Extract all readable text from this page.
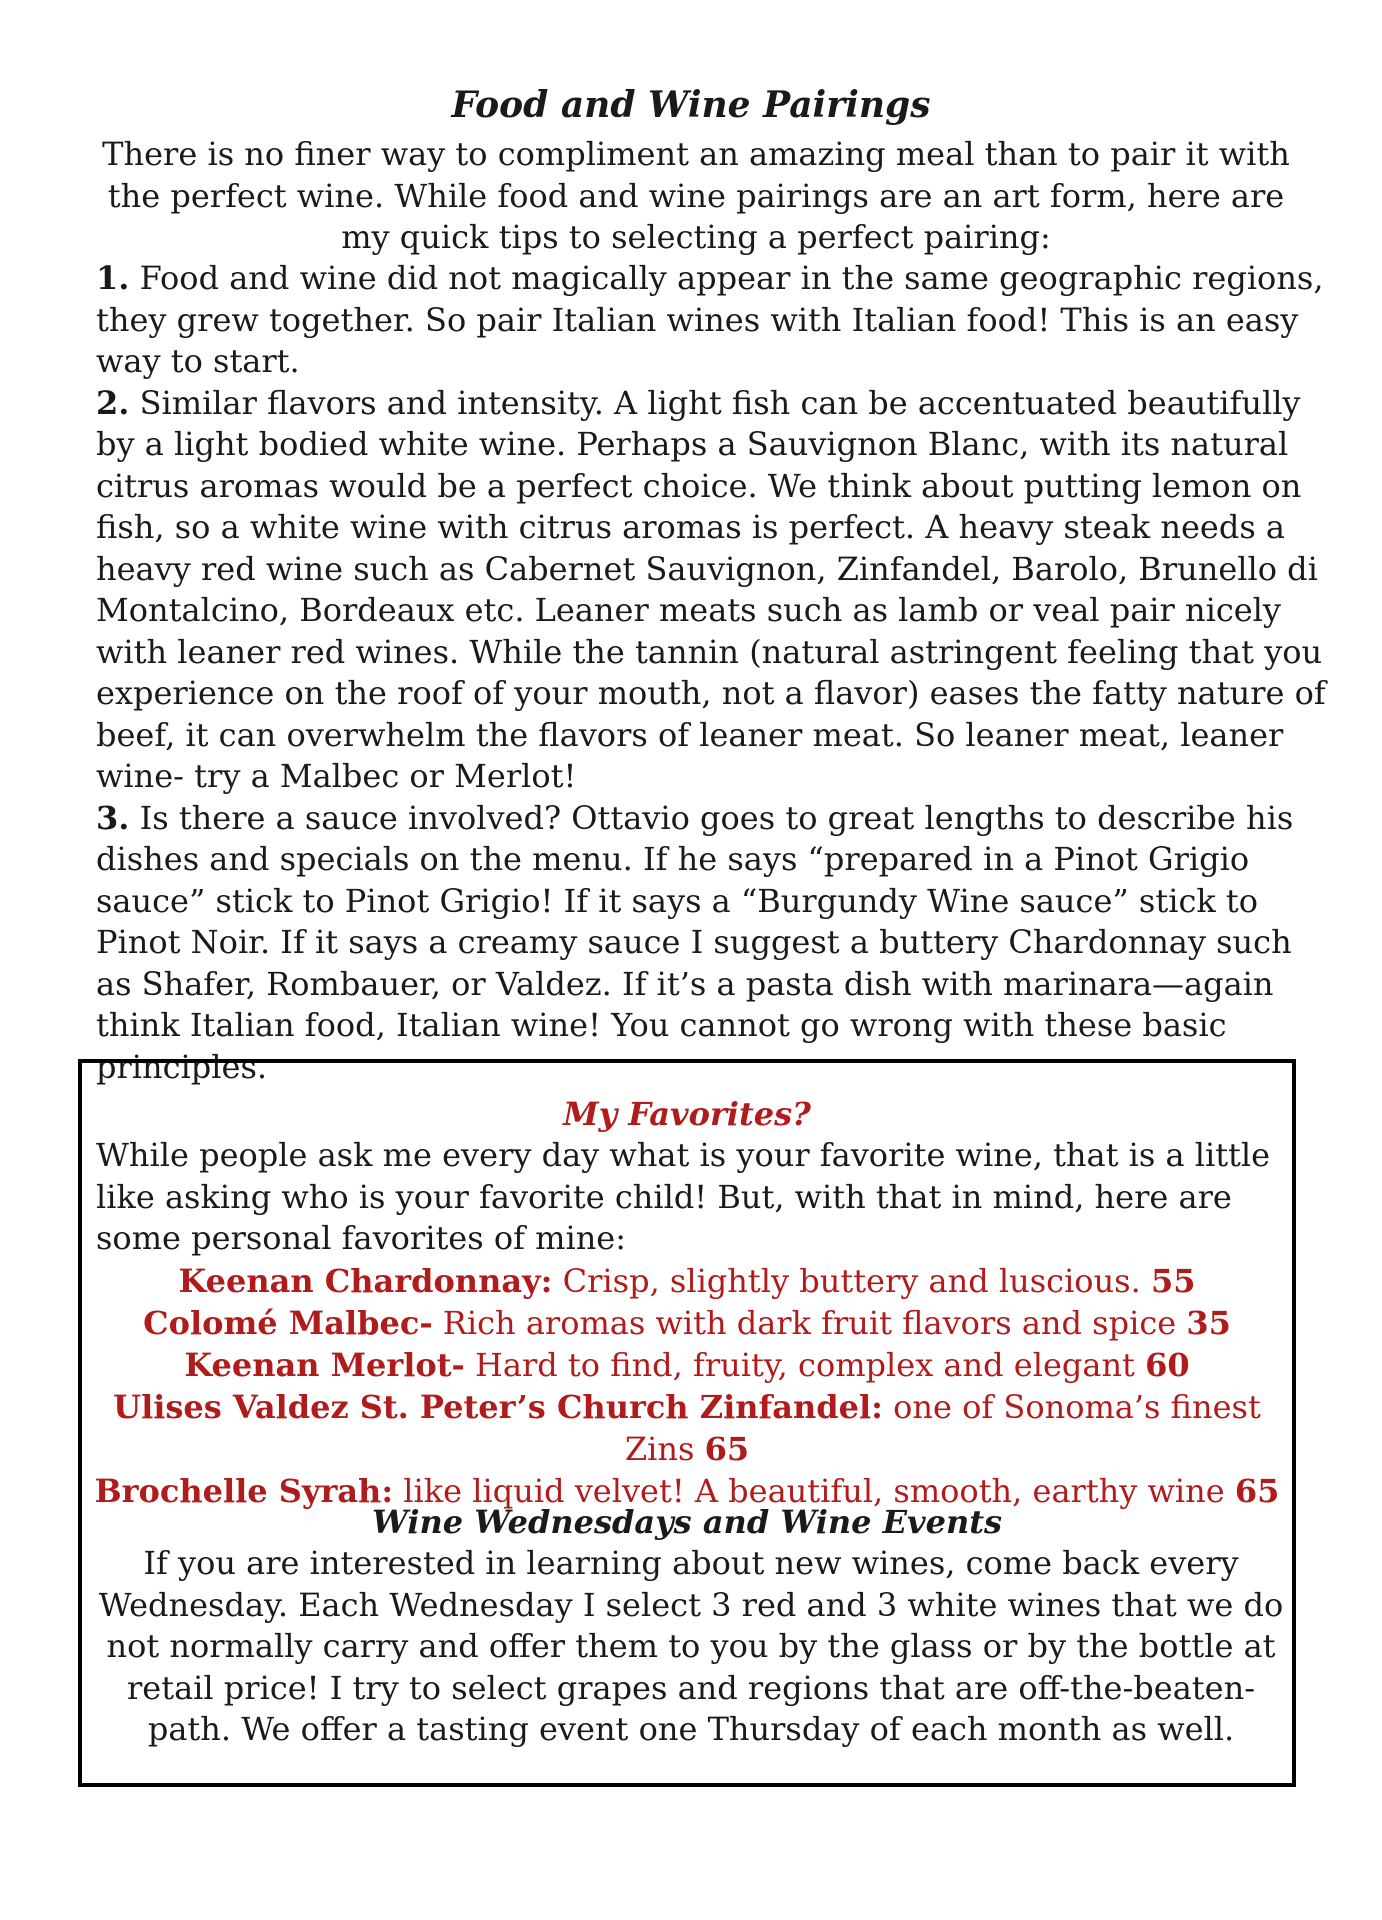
Food and Wine Pairings
There is no finer way to compliment an amazing meal than to pair it with the perfect wine. While food and wine pairings are an art form, here are my quick tips to selecting a perfect pairing:

1. Food and wine did not magically appear in the same geographic regions, they grew together. So pair Italian wines with Italian food! This is an easy way to start.

2. Similar flavors and intensity. A light fish can be accentuated beautifully by a light bodied white wine. Perhaps a Sauvignon Blanc, with its natural citrus aromas would be a perfect choice. We think about putting lemon on fish, so a white wine with citrus aromas is perfect. A heavy steak needs a heavy red wine such as Cabernet Sauvignon, Zinfandel, Barolo, Brunello di Montalcino, Bordeaux etc. Leaner meats such as lamb or veal pair nicely with leaner red wines. While the tannin (natural astringent feeling that you experience on the roof of your mouth, not a flavor) eases the fatty nature of beef, it can overwhelm the flavors of leaner meat. So leaner meat, leaner wine- try a Malbec or Merlot!

3. Is there a sauce involved? Ottavio goes to great lengths to describe his dishes and specials on the menu. If he says “prepared in a Pinot Grigio sauce” stick to Pinot Grigio! If it says a “Burgundy Wine sauce” stick to Pinot Noir. If it says a creamy sauce I suggest a buttery Chardonnay such as Shafer, Rombauer, or Valdez. If it’s a pasta dish with marinara—again think Italian food, Italian wine! You cannot go wrong with these basic principles.

My Favorites?
While people ask me every day what is your favorite wine, that is a little like asking who is your favorite child! But, with that in mind, here are some personal favorites of mine:
Keenan Chardonnay: Crisp, slightly buttery and luscious. 55
Colomé Malbec- Rich aromas with dark fruit flavors and spice 35
Keenan Merlot- Hard to find, fruity, complex and elegant 60
Ulises Valdez St. Peter’s Church Zinfandel: one of Sonoma’s finest Zins 65
Brochelle Syrah: like liquid velvet! A beautiful, smooth, earthy wine 65
Wine Wednesdays and Wine Events
If you are interested in learning about new wines, come back every Wednesday. Each Wednesday I select 3 red and 3 white wines that we do not normally carry and offer them to you by the glass or by the bottle at retail price! I try to select grapes and regions that are off-the-beaten-path. We offer a tasting event one Thursday of each month as well.
